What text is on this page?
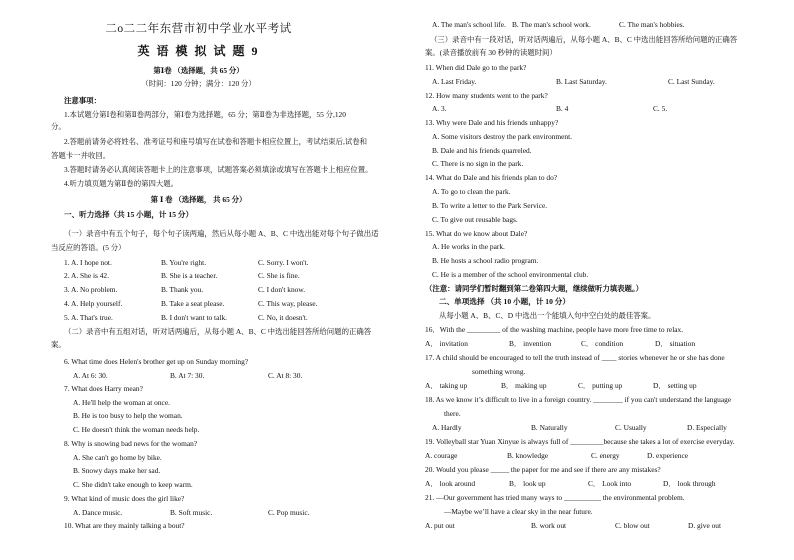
二o二二年东营市初中学业水平考试
英 语 模 拟 试 题 9
第Ⅰ卷 （选择题，共 65 分）
（时间：120 分钟；满分：120 分）
注意事项：
1.本试题分第Ⅰ卷和第Ⅱ卷两部分，第Ⅰ卷为选择题，65 分；第Ⅱ卷为非选择题，55 分,120
分。
2.答题前请务必将姓名、准考证号和座号填写在试卷和答题卡相应位置上，考试结束后,试卷和
答题卡一并收回。
3.答题时请务必认真阅读答题卡上的注意事项，试题答案必须填涂或填写在答题卡上相应位置。
4.听力填页题为第Ⅱ卷的第四大题。
第 Ⅰ 卷 （选择题， 共 65 分）
一、听力选择（共 15 小题，计 15 分）
（一）录音中有五个句子，每个句子读两遍，然后从每小题 A、B、C 中选出能对每个句子做出适
当反应的答语。(5 分）
1. A. I hope not.	B. You're right.	C. Sorry. I won't.
2. A. She is 42.	B. She is a teacher.	C. She is fine.
3. A. No problem.	B. Thank you.	C. I don't know.
4. A. Help yourself.	B. Take a seat please.	C. This way, please.
5. A. That's true.	B. I don't want to talk.	C. No, it doesn't.
（二）录音中有五组对话，听对话两遍后，从每小题 A、B、C 中选出能回答所给问题的正确答
案。
6. What time does Helen's brother get up on Sunday morning?
A. At 6: 30.	B. At 7: 30.	C. At 8: 30.
7. What does Harry mean?
A. He'll help the woman at once.
B. He is too busy to help the woman.
C. He doesn't think the woman needs help.
8. Why is snowing bad news for the woman?
A. She can't go home by bike.
B. Snowy days make her sad.
C. She didn't take enough to keep warm.
9. What kind of music does the girl like?
A. Dance music.	B. Soft music.	C. Pop music.
10. What are they mainly talking a bout?
A. The man's school life. B. The man's school work.	C. The man's hobbies.
（三）录音中有一段对话，听对话两遍后，从每小题 A、B、C 中选出能回答所给问题的正确答
案。(录音播放前有 30 秒钟的读题时间）
11. When did Dale go to the park?
A. Last Friday.	B. Last Saturday.	C. Last Sunday.
12. How many students went to the park?
A. 3.	B. 4	C. 5.
13. Why were Dale and his friends unhappy?
A. Some visitors destroy the park environment.
B. Dale and his friends quarreled.
C. There is no sign in the park.
14. What do Dale and his friends plan to do?
A. To go to clean the park.
B. To write a letter to the Park Service.
C. To give out reusable bags.
15. What do we know about Dale?
A. He works in the park.
B. He hosts a school radio program.
C. He is a member of the school environmental club.
（注意：请同学们暂时翻到第二卷第四大题，继续做听力填表题。）
二、单项选择 （共 10 小题，计 10 分）
从每小题 A、B、C、D 中选出一个能填入句中空白处的最佳答案。
16．With the _________ of the washing machine, people have more free time to relax.
A． invitation	B． invention	C． condition	D． situation
17. A child should be encouraged to tell the truth instead of ____ stories whenever he or she has done
something wrong.
A． taking up	B． making up	C． putting up	D． setting up
18. As we know it’s difficult to live in a foreign country. ________ if you can't understand the language
there.
A. Hardly	B. Naturally	C. Usually	D. Especially
19. Volleyball star Yuan Xinyue is always full of _________because she takes a lot of exercise everyday.
A. courage	B. knowledge	C. energy	D. experience
20. Would you please _____ the paper for me and see if there are any mistakes?
A． look around	B． look up	C． Look into	D． look through
21. —Our government has tried many ways to __________ the environmental problem.
—Maybe we’ll have a clear sky in the near future.
A. put out	B. work out	C. blow out	D. give out
